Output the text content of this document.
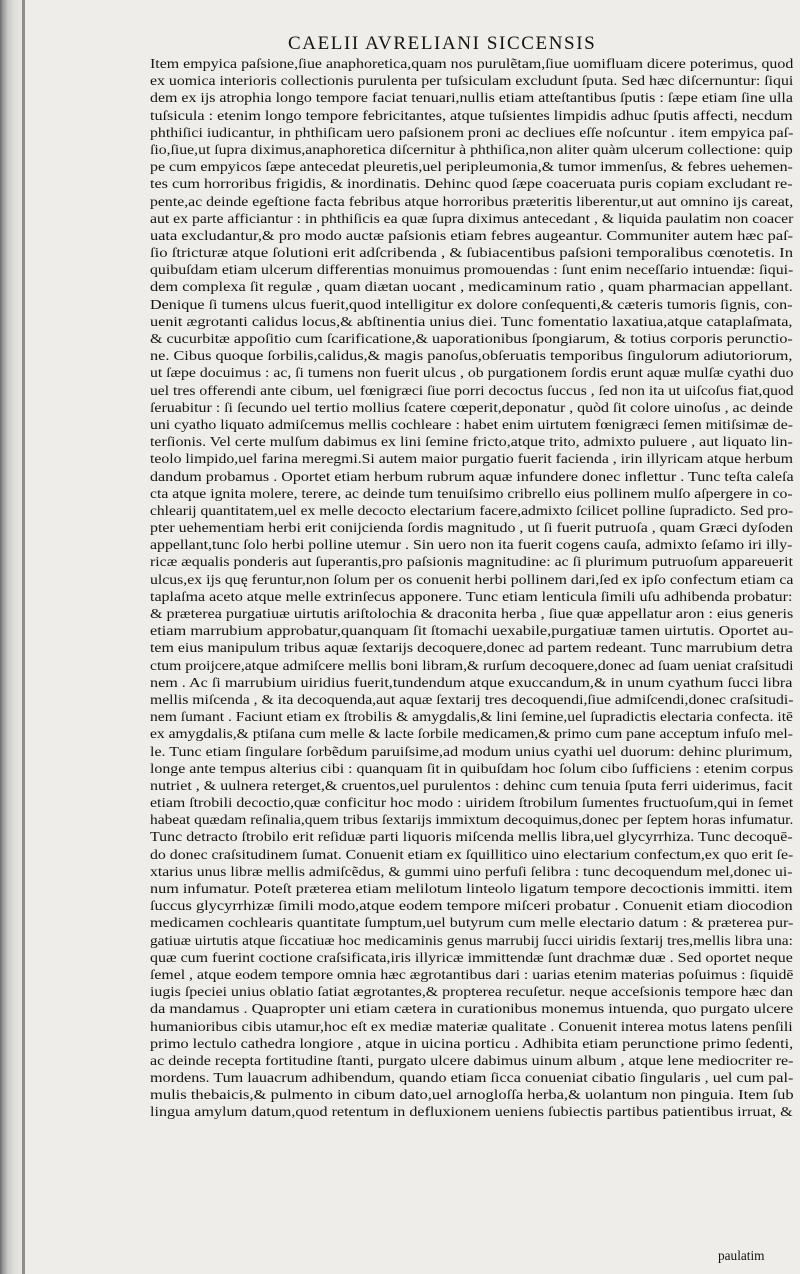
CAELII AVRELIANI SICCENSIS
Item empyica paſsione,ſiue anaphoretica,quam nos purulẽtam,ſiue uomifluam dicere poterimus, quod
ex uomica interioris collectionis purulenta per tuſsiculam excludunt ſputa. Sed hæc diſcernuntur: ſiqui
dem ex ijs atrophia longo tempore faciat tenuari,nullis etiam atteſtantibus ſputis : ſæpe etiam ſine ulla
tuſsicula : etenim longo tempore febricitantes, atque tuſsientes limpidis adhuc ſputis affecti, necdum
phthiſici iudicantur, in phthiſicam uero paſsionem proni ac decliues eſſe noſcuntur . item empyica paſ-
ſio,ſiue,ut ſupra diximus,anaphoretica diſcernitur à phthiſica,non aliter quàm ulcerum collectione: quip
pe cum empyicos ſæpe antecedat pleuretis,uel peripleumonia,& tumor immenſus, & febres uehemen-
tes cum horroribus frigidis, & inordinatis. Dehinc quod ſæpe coaceruata puris copiam excludant re-
pente,ac deinde egeſtione facta febribus atque horroribus præteritis liberentur,ut aut omnino ijs careat,
aut ex parte afficiantur : in phthiſicis ea quæ ſupra diximus antecedant , & liquida paulatim non coacer
uata excludantur,& pro modo auctæ paſsionis etiam febres augeantur. Communiter autem hæc paſ-
ſio ſtricturæ atque ſolutioni erit adſcribenda , & ſubiacentibus paſsioni temporalibus cœnotetis. In
quibuſdam etiam ulcerum differentias monuimus promouendas : ſunt enim neceſſario intuendæ: ſiqui-
dem complexa ſit regulæ , quam diætan uocant , medicaminum ratio , quam pharmacian appellant.
Denique ſi tumens ulcus fuerit,quod intelligitur ex dolore conſequenti,& cæteris tumoris ſignis, con-
uenit ægrotanti calidus locus,& abſtinentia unius diei. Tunc fomentatio laxatiua,atque cataplaſmata,
& cucurbitæ appoſitio cum ſcarificatione,& uaporationibus ſpongiarum, & totius corporis perunctio-
ne. Cibus quoque ſorbilis,calidus,& magis panoſus,obſeruatis temporibus ſingulorum adiutoriorum,
ut ſæpe docuimus : ac, ſi tumens non fuerit ulcus , ob purgationem ſordis erunt aquæ mulſæ cyathi duo
uel tres offerendi ante cibum, uel fœnigræci ſiue porri decoctus ſuccus , ſed non ita ut uiſcoſus fiat,quod
ſeruabitur : ſi ſecundo uel tertio mollius ſcatere cœperit,deponatur , quòd ſit colore uinoſus , ac deinde
uni cyatho liquato admiſcemus mellis cochleare : habet enim uirtutem fœnigræci ſemen mitiſsimæ de-
terſionis. Vel certe mulſum dabimus ex lini ſemine fricto,atque trito, admixto puluere , aut liquato lin-
teolo limpido,uel farina meregmi.Si autem maior purgatio fuerit facienda , irin illyricam atque herbum
dandum probamus . Oportet etiam herbum rubrum aquæ infundere donec inflettur . Tunc teſta caleſa
cta atque ignita molere, terere, ac deinde tum tenuiſsimo cribrello eius pollinem mulſo aſpergere in co-
chlearij quantitatem,uel ex melle decocto electarium facere,admixto ſcilicet polline ſupradicto. Sed pro-
pter uehementiam herbi erit conijcienda ſordis magnitudo , ut ſi fuerit putruoſa , quam Græci dyſoden
appellant,tunc ſolo herbi polline utemur . Sin uero non ita fuerit cogens cauſa, admixto ſeſamo iri illy-
ricæ æqualis ponderis aut ſuperantis,pro paſsionis magnitudine: ac ſi plurimum putruoſum appareuerit
ulcus,ex ijs quę feruntur,non ſolum per os conuenit herbi pollinem dari,ſed ex ipſo confectum etiam ca
taplaſma aceto atque melle extrinſecus apponere. Tunc etiam lenticula ſimili uſu adhibenda probatur:
& præterea purgatiuæ uirtutis ariſtolochia & draconita herba , ſiue quæ appellatur aron : eius generis
etiam marrubium approbatur,quanquam ſit ſtomachi uexabile,purgatiuæ tamen uirtutis. Oportet au-
tem eius manipulum tribus aquæ ſextarijs decoquere,donec ad partem redeant. Tunc marrubium detra
ctum proijcere,atque admiſcere mellis boni libram,& rurſum decoquere,donec ad ſuam ueniat craſsitudi
nem . Ac ſi marrubium uiridius fuerit,tundendum atque exuccandum,& in unum cyathum ſucci libra
mellis miſcenda , & ita decoquenda,aut aquæ ſextarij tres decoquendi,ſiue admiſcendi,donec craſsitudi-
nem ſumant . Faciunt etiam ex ſtrobilis & amygdalis,& lini ſemine,uel ſupradictis electaria confecta. itē
ex amygdalis,& ptiſana cum melle & lacte ſorbile medicamen,& primo cum pane acceptum infuſo mel-
le. Tunc etiam ſingulare ſorbẽdum paruiſsime,ad modum unius cyathi uel duorum: dehinc plurimum,
longe ante tempus alterius cibi : quanquam ſit in quibuſdam hoc ſolum cibo ſufficiens : etenim corpus
nutriet , & uulnera reterget,& cruentos,uel purulentos : dehinc cum tenuia ſputa ferri uiderimus, facit
etiam ſtrobili decoctio,quæ conficitur hoc modo : uiridem ſtrobilum ſumentes fructuoſum,qui in ſemet
habeat quædam reſinalia,quem tribus ſextarijs immixtum decoquimus,donec per ſeptem horas infumatur.
Tunc detracto ſtrobilo erit reſiduæ parti liquoris miſcenda mellis libra,uel glycyrrhiza. Tunc decoquē-
do donec craſsitudinem ſumat. Conuenit etiam ex ſquillitico uino electarium confectum,ex quo erit ſe-
xtarius unus libræ mellis admiſcẽdus, & gummi uino perfuſi ſelibra : tunc decoquendum mel,donec ui-
num infumatur. Poteſt præterea etiam melilotum linteolo ligatum tempore decoctionis immitti. item
ſuccus glycyrrhizæ ſimili modo,atque eodem tempore miſceri probatur . Conuenit etiam diocodion
medicamen cochlearis quantitate ſumptum,uel butyrum cum melle electario datum : & præterea pur-
gatiuæ uirtutis atque ſiccatiuæ hoc medicaminis genus marrubij ſucci uiridis ſextarij tres,mellis libra una:
quæ cum fuerint coctione craſsificata,iris illyricæ immittendæ ſunt drachmæ duæ . Sed oportet neque
ſemel , atque eodem tempore omnia hæc ægrotantibus dari : uarias etenim materias poſuimus : ſiquidē
iugis ſpeciei unius oblatio ſatiat ægrotantes,& propterea recuſetur. neque acceſsionis tempore hæc dan
da mandamus . Quapropter uni etiam cætera in curationibus monemus intuenda, quo purgato ulcere
humanioribus cibis utamur,hoc eſt ex mediæ materiæ qualitate . Conuenit interea motus latens penſili
primo lectulo cathedra longiore , atque in uicina porticu . Adhibita etiam perunctione primo ſedenti,
ac deinde recepta fortitudine ſtanti, purgato ulcere dabimus uinum album , atque lene mediocriter re-
mordens. Tum lauacrum adhibendum, quando etiam ſicca conueniat cibatio ſingularis , uel cum pal-
mulis thebaicis,& pulmento in cibum dato,uel arnogloſſa herba,& uolantum non pinguia. Item ſub
lingua amylum datum,quod retentum in defluxionem ueniens ſubiectis partibus patientibus irruat, &
paulatim
